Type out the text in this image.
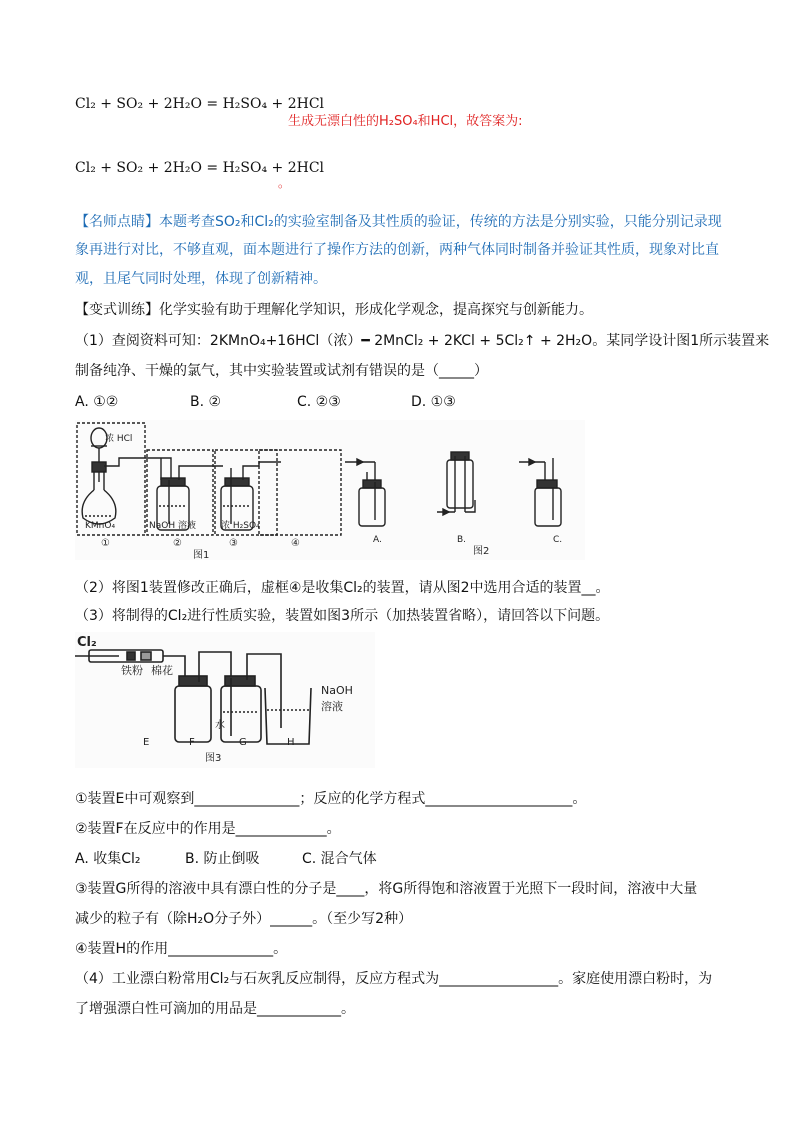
Cl₂ + SO₂ + 2H₂O = H₂SO₄ + 2HCl
生成无漂白性的H₂SO₄和HCl，故答案为:
Cl₂ + SO₂ + 2H₂O = H₂SO₄ + 2HCl
。
【名师点睛】本题考查SO₂和Cl₂的实验室制备及其性质的验证，传统的方法是分别实验，只能分别记录现
象再进行对比，不够直观，面本题进行了操作方法的创新，两种气体同时制备并验证其性质，现象对比直
观，且尾气同时处理，体现了创新精神。
【变式训练】化学实验有助于理解化学知识，形成化学观念，提高探究与创新能力。
（1）查阅资料可知：2KMnO₄+16HCl（浓）━ 2MnCl₂ + 2KCl + 5Cl₂↑ + 2H₂O。某同学设计图1所示装置来
制备纯净、干燥的氯气，其中实验装置或试剂有错误的是（_____）
A. ①②	B. ②	C. ②③	D. ①③
浓 HCl
KMnO₄	NaOH 溶液	浓 H₂SO₄
①	②	③	④
图1
A.	B.	C.
图2
（2）将图1装置修改正确后，虚框④是收集Cl₂的装置，请从图2中选用合适的装置__。
（3）将制得的Cl₂进行性质实验，装置如图3所示（加热装置省略），请回答以下问题。
Cl₂
铁粉 棉花
水
NaOH
溶液
E	F	G	H
图3
①装置E中可观察到_______________；反应的化学方程式_____________________。
②装置F在反应中的作用是_____________。
A. 收集Cl₂	B. 防止倒吸	C. 混合气体
③装置G所得的溶液中具有漂白性的分子是____，将G所得饱和溶液置于光照下一段时间，溶液中大量
减少的粒子有（除H₂O分子外）______。（至少写2种）
④装置H的作用_______________。
（4）工业漂白粉常用Cl₂与石灰乳反应制得，反应方程式为_________________。家庭使用漂白粉时，为
了增强漂白性可滴加的用品是____________。
